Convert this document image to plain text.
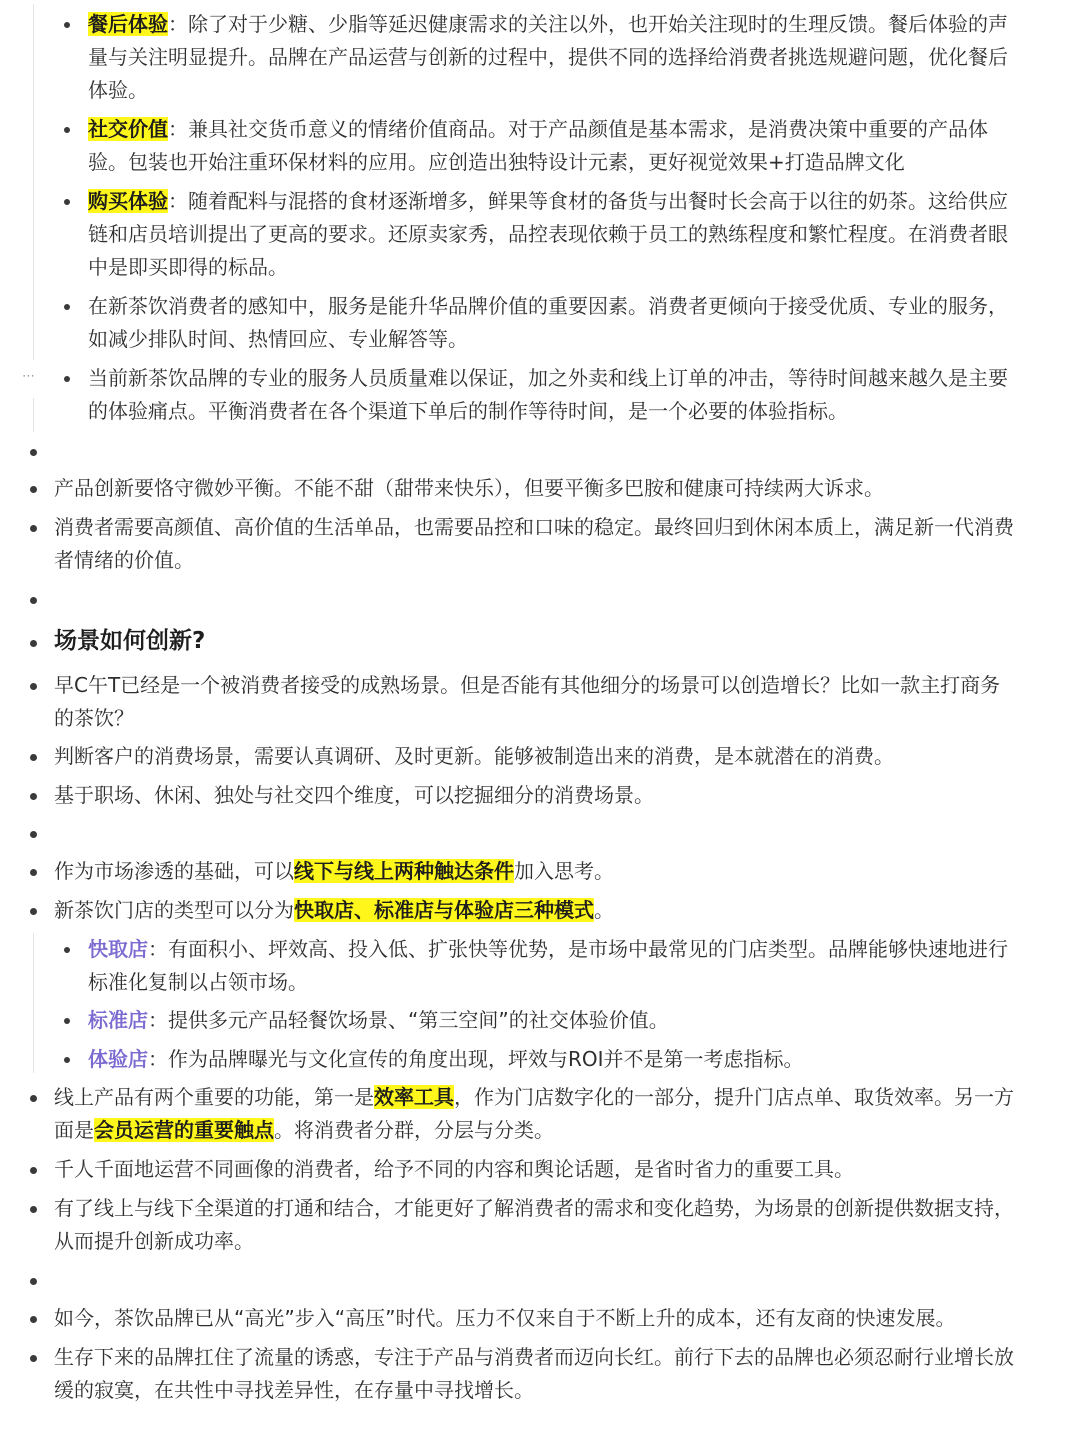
⋯
餐后体验：除了对于少糖、少脂等延迟健康需求的关注以外，也开始关注现时的生理反馈。餐后体验的声量与关注明显提升。品牌在产品运营与创新的过程中，提供不同的选择给消费者挑选规避问题，优化餐后体验。
社交价值：兼具社交货币意义的情绪价值商品。对于产品颜值是基本需求，是消费决策中重要的产品体验。包装也开始注重环保材料的应用。应创造出独特设计元素，更好视觉效果+打造品牌文化
购买体验：随着配料与混搭的食材逐渐增多，鲜果等食材的备货与出餐时长会高于以往的奶茶。这给供应链和店员培训提出了更高的要求。还原卖家秀，品控表现依赖于员工的熟练程度和繁忙程度。在消费者眼中是即买即得的标品。
在新茶饮消费者的感知中，服务是能升华品牌价值的重要因素。消费者更倾向于接受优质、专业的服务，如减少排队时间、热情回应、专业解答等。
当前新茶饮品牌的专业的服务人员质量难以保证，加之外卖和线上订单的冲击，等待时间越来越久是主要的体验痛点。平衡消费者在各个渠道下单后的制作等待时间，是一个必要的体验指标。
产品创新要恪守微妙平衡。不能不甜（甜带来快乐），但要平衡多巴胺和健康可持续两大诉求。
消费者需要高颜值、高价值的生活单品，也需要品控和口味的稳定。最终回归到休闲本质上，满足新一代消费者情绪的价值。
场景如何创新?
早C午T已经是一个被消费者接受的成熟场景。但是否能有其他细分的场景可以创造增长？比如一款主打商务的茶饮？
判断客户的消费场景，需要认真调研、及时更新。能够被制造出来的消费，是本就潜在的消费。
基于职场、休闲、独处与社交四个维度，可以挖掘细分的消费场景。
作为市场渗透的基础，可以线下与线上两种触达条件加入思考。
新茶饮门店的类型可以分为快取店、标准店与体验店三种模式。
快取店：有面积小、坪效高、投入低、扩张快等优势，是市场中最常见的门店类型。品牌能够快速地进行标准化复制以占领市场。
标准店：提供多元产品轻餐饮场景、“第三空间”的社交体验价值。
体验店：作为品牌曝光与文化宣传的角度出现，坪效与ROI并不是第一考虑指标。
线上产品有两个重要的功能，第一是效率工具，作为门店数字化的一部分，提升门店点单、取货效率。另一方面是会员运营的重要触点。将消费者分群，分层与分类。
千人千面地运营不同画像的消费者，给予不同的内容和舆论话题，是省时省力的重要工具。
有了线上与线下全渠道的打通和结合，才能更好了解消费者的需求和变化趋势，为场景的创新提供数据支持，从而提升创新成功率。
如今，茶饮品牌已从“高光”步入“高压”时代。压力不仅来自于不断上升的成本，还有友商的快速发展。
生存下来的品牌扛住了流量的诱惑，专注于产品与消费者而迈向长红。前行下去的品牌也必须忍耐行业增长放缓的寂寞，在共性中寻找差异性，在存量中寻找增长。
